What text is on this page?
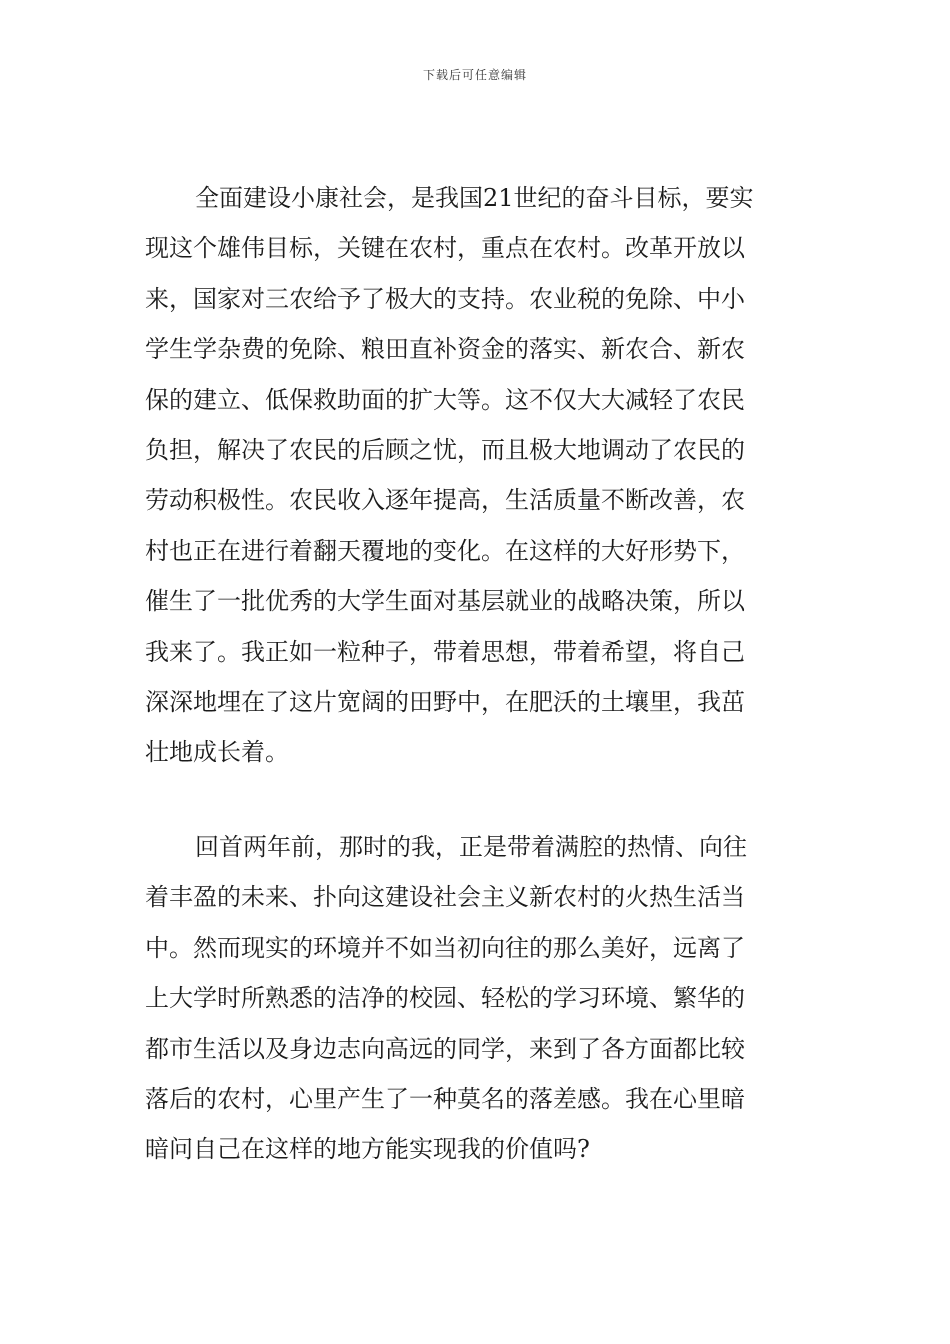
下载后可任意编辑
全面建设小康社会，是我国21世纪的奋斗目标，要实
现这个雄伟目标，关键在农村，重点在农村。改革开放以
来，国家对三农给予了极大的支持。农业税的免除、中小
学生学杂费的免除、粮田直补资金的落实、新农合、新农
保的建立、低保救助面的扩大等。这不仅大大减轻了农民
负担，解决了农民的后顾之忧，而且极大地调动了农民的
劳动积极性。农民收入逐年提高，生活质量不断改善，农
村也正在进行着翻天覆地的变化。在这样的大好形势下，
催生了一批优秀的大学生面对基层就业的战略决策，所以
我来了。我正如一粒种子，带着思想，带着希望，将自己
深深地埋在了这片宽阔的田野中，在肥沃的土壤里，我茁
壮地成长着。
回首两年前，那时的我，正是带着满腔的热情、向往
着丰盈的未来、扑向这建设社会主义新农村的火热生活当
中。然而现实的环境并不如当初向往的那么美好，远离了
上大学时所熟悉的洁净的校园、轻松的学习环境、繁华的
都市生活以及身边志向高远的同学，来到了各方面都比较
落后的农村，心里产生了一种莫名的落差感。我在心里暗
暗问自己在这样的地方能实现我的价值吗?
